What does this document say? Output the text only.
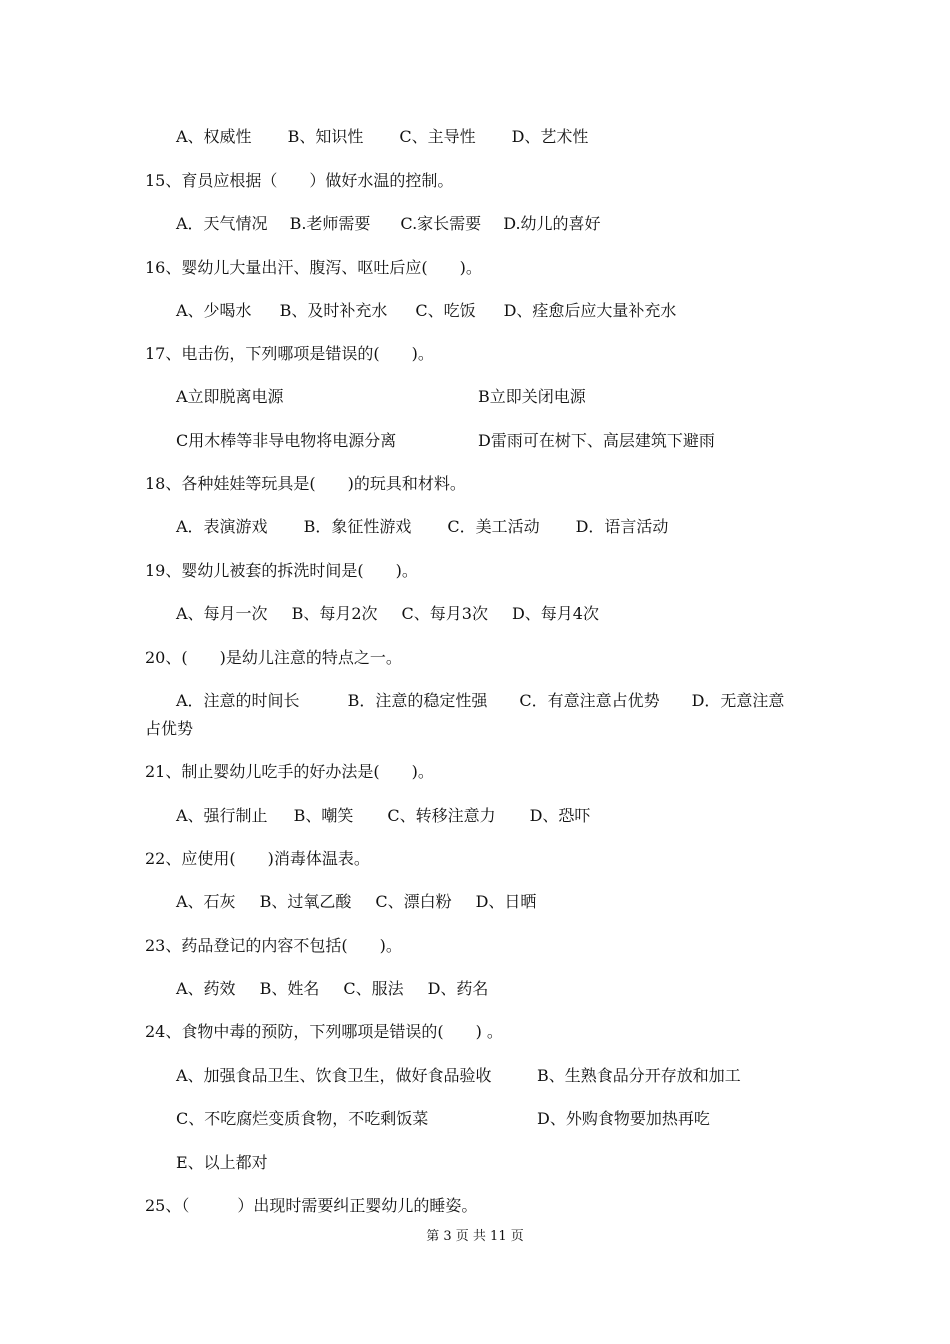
A、权威性 B、知识性 C、主导性 D、艺术性
15、育员应根据（　　）做好水温的控制。
A．天气情况 B.老师需要 C.家长需要 D.幼儿的喜好
16、婴幼儿大量出汗、腹泻、呕吐后应(　　)。
A、少喝水 B、及时补充水 C、吃饭 D、痊愈后应大量补充水
17、电击伤，下列哪项是错误的(　　)。
A立即脱离电源	B立即关闭电源
C用木棒等非导电物将电源分离	D雷雨可在树下、高层建筑下避雨
18、各种娃娃等玩具是(　　)的玩具和材料。
A．表演游戏 B．象征性游戏 C．美工活动 D．语言活动
19、婴幼儿被套的拆洗时间是(　　)。
A、每月一次 B、每月2次 C、每月3次 D、每月4次
20、(　　)是幼儿注意的特点之一。
A．注意的时间长	B．注意的稳定性强 C．有意注意占优势 D．无意注意
占优势
21、制止婴幼儿吃手的好办法是(　　)。
A、强行制止 B、嘲笑 C、转移注意力 D、恐吓
22、应使用(　　)消毒体温表。
A、石灰 B、过氧乙酸 C、漂白粉 D、日晒
23、药品登记的内容不包括(　　)。
A、药效 B、姓名 C、服法 D、药名
24、食物中毒的预防，下列哪项是错误的(　　) 。
A、加强食品卫生、饮食卫生，做好食品验收	B、生熟食品分开存放和加工
C、不吃腐烂变质食物，不吃剩饭菜	D、外购食物要加热再吃
E、以上都对
25、（　　　）出现时需要纠正婴幼儿的睡姿。
第 3 页 共 11 页
